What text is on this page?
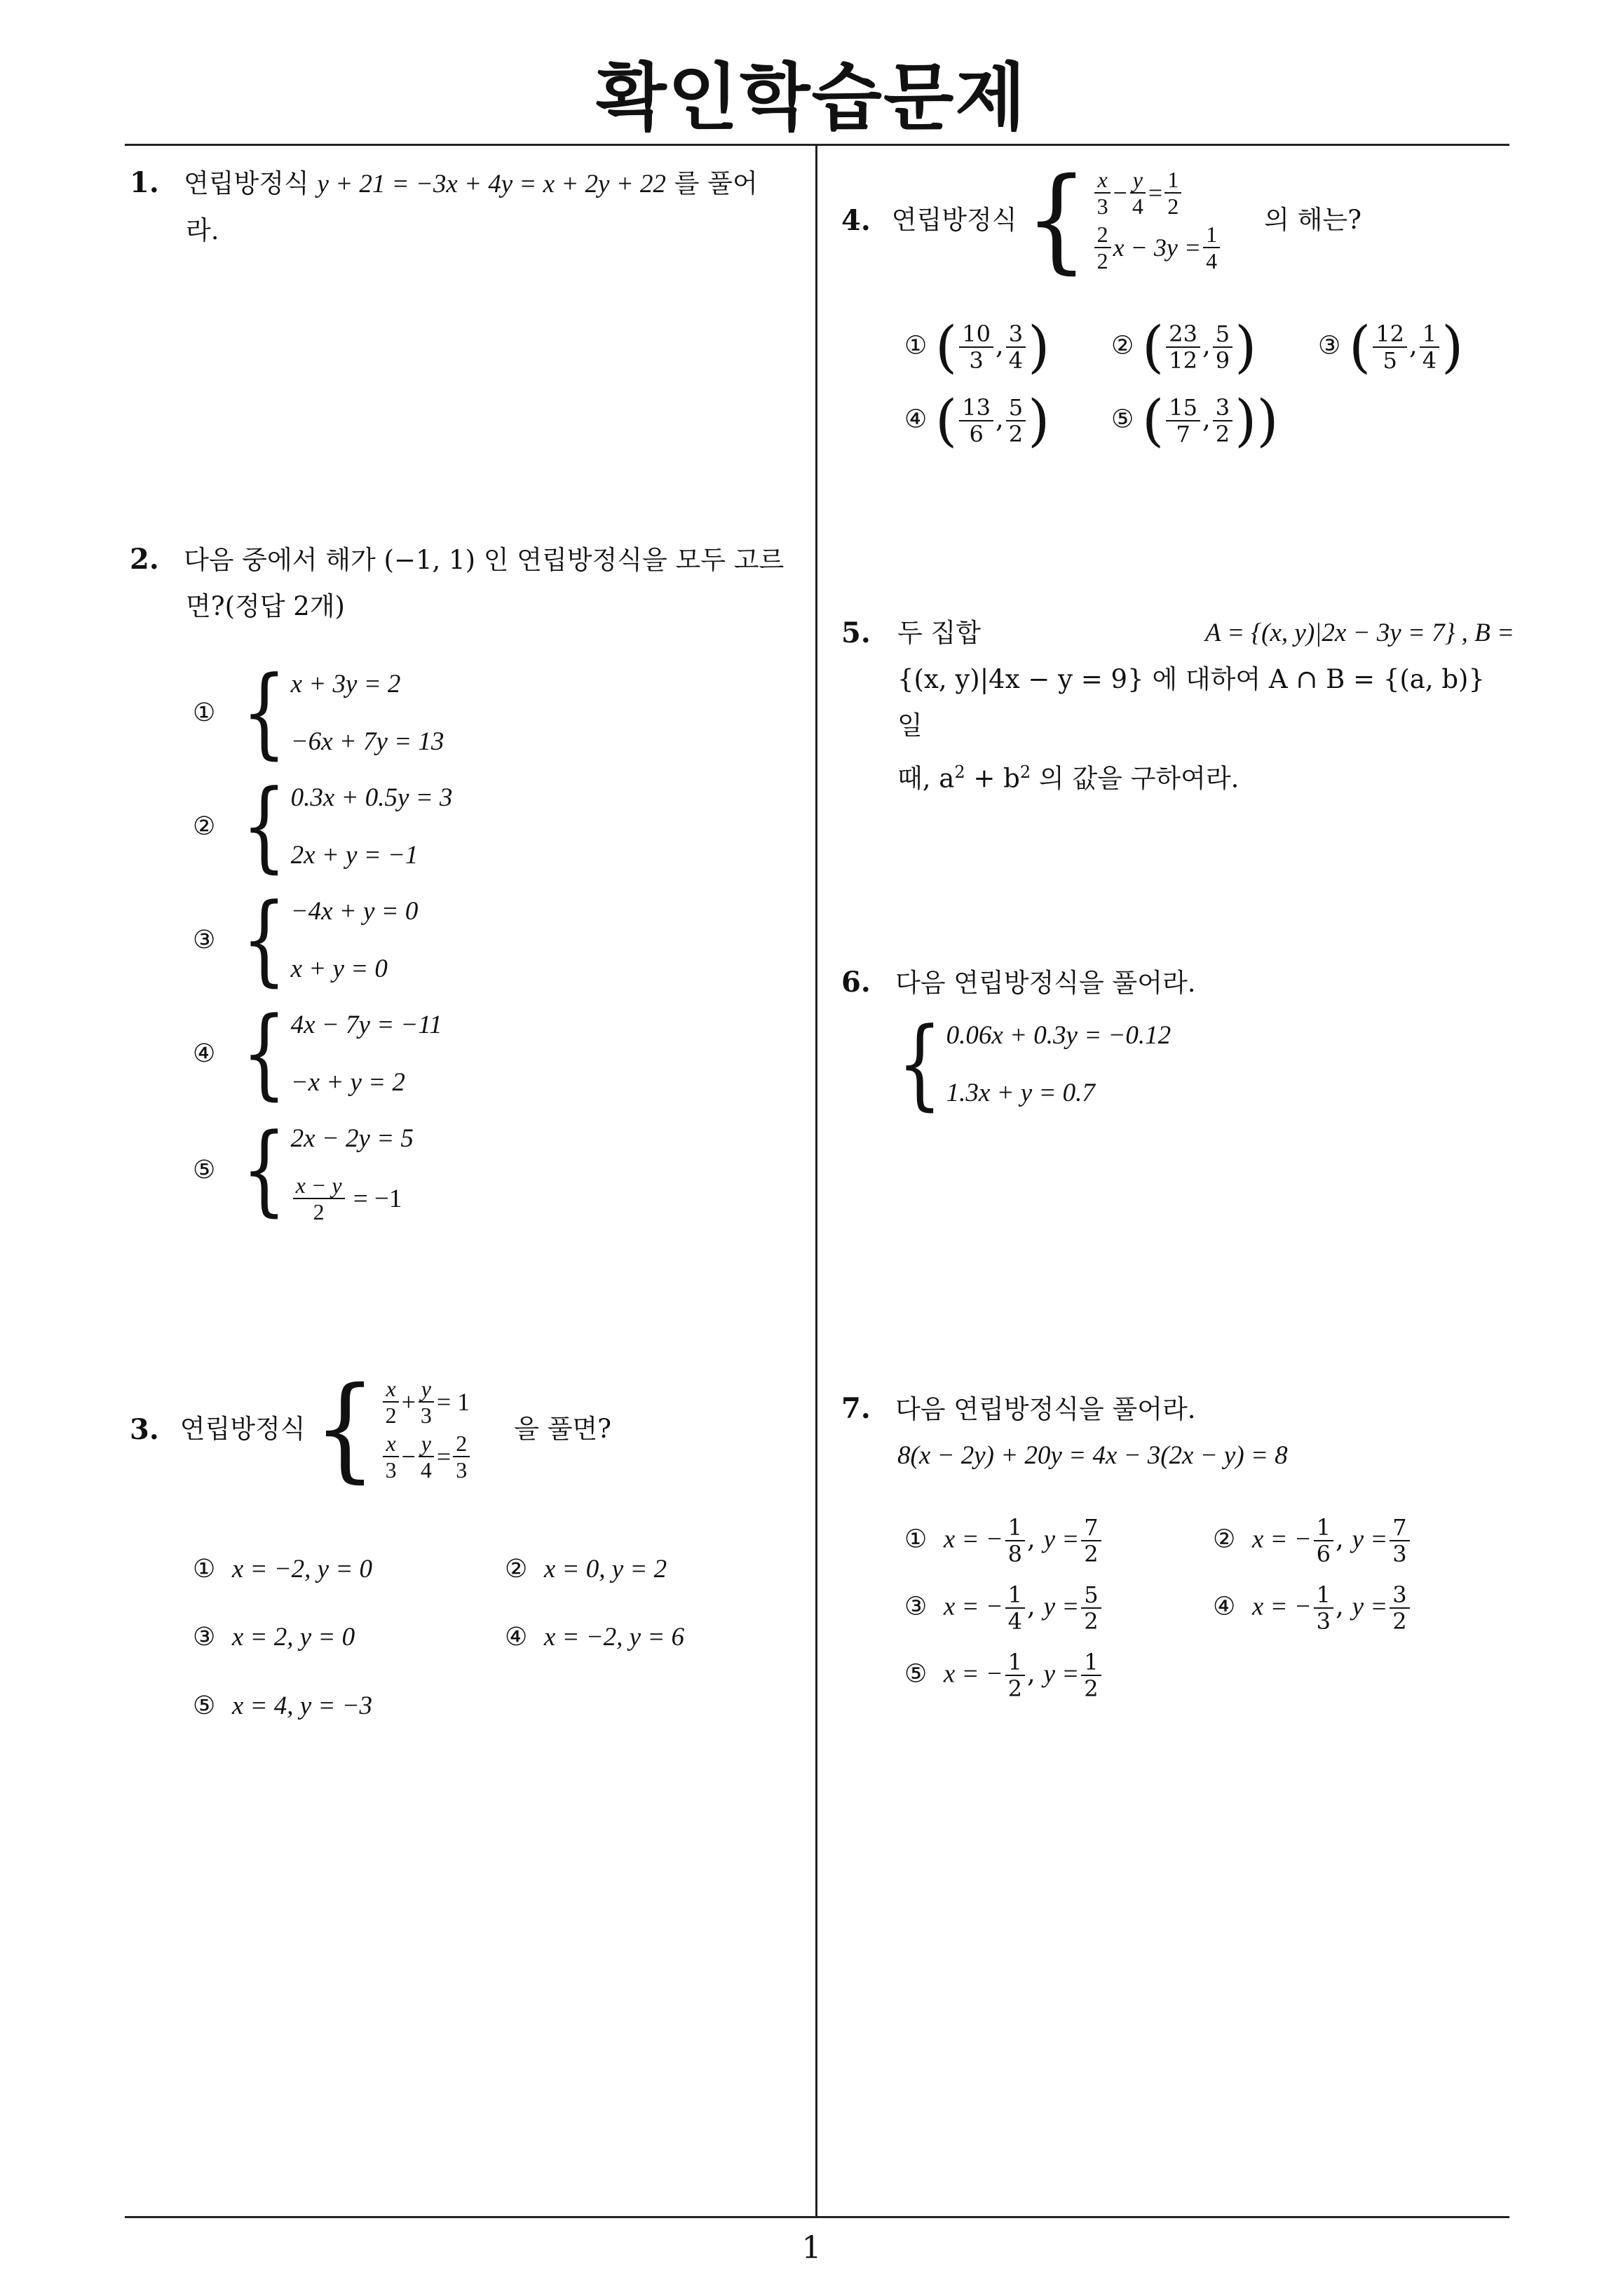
확인학습문제
1
1. 연립방정식 y + 21 = −3x + 4y = x + 2y + 22 를 풀어
라.
2. 다음 중에서 해가 (−1, 1) 인 연립방정식을 모두 고르
면?(정답 2개)
① { x + 3y = 2
−6x + 7y = 13
② { 0.3x + 0.5y = 3
2x + y = −1
③ { −4x + y = 0
x + y = 0
④ { 4x − 7y = −11
−x + y = 2
⑤ { 2x − 2y = 5
$\frac{x - y}{2}$
= −1
3. 연립방정식 { $\frac{x}{2} + \frac{y}{3} = 1$
$\frac{x}{3} - \frac{y}{4} = \frac{2}{3}$
을 풀면?
① x = −2, y = 0	② x = 0, y = 2
③ x = 2, y = 0	④ x = −2, y = 6
⑤ x = 4, y = −3
4. 연립방정식 { $\frac{x}{3} - \frac{y}{4} = \frac{1}{2}$
$\frac{2}{2}$ $x - 3y = \frac{1}{4}$
의 해는?
① ( $\frac{10}{3}$ , $\frac{3}{4}$ ) ② ( $\frac{23}{12}$ , $\frac{5}{9}$ ) ③ ( $\frac{12}{5}$ , $\frac{1}{4}$ )
④ ( $\frac{13}{6}$ , $\frac{5}{2}$ ) ⑤ ( $\frac{15}{7}$ , $\frac{3}{2}$ ))
5.	두 집합	A = {(x, y)|2x − 3y = 7} , B =
{(x, y)|4x − y = 9} 에 대하여 A ∩ B = {(a, b)} 일
때, $a^2 + b^2$ 의 값을 구하여라.
6. 다음 연립방정식을 풀어라.
{ 0.06x + 0.3y = −0.12
1.3x + y = 0.7
7. 다음 연립방정식을 풀어라.
8(x − 2y) + 20y = 4x − 3(2x − y) = 8
① x = − $\frac{1}{8}$ , $y = \frac{7}{2}$	② x = − $\frac{1}{6}$ , $y = \frac{7}{3}$
③ x = − $\frac{1}{4}$ , $y = \frac{5}{2}$	④ x = − $\frac{1}{3}$ , $y = \frac{3}{2}$
⑤ x = − $\frac{1}{2}$ , $y = \frac{1}{2}$
